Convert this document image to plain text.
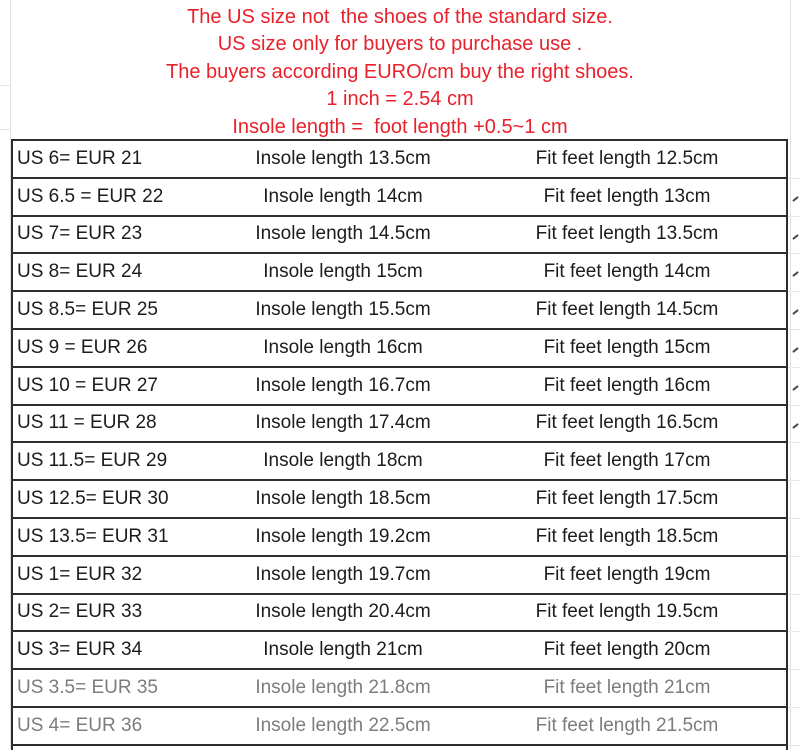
The US size not  the shoes of the standard size.
US size only for buyers to purchase use .
The buyers according EURO/cm buy the right shoes.
1 inch = 2.54 cm
Insole length =  foot length +0.5~1 cm
US 6= EUR 21	Insole length 13.5cm	Fit feet length 12.5cm
US 6.5 = EUR 22	Insole length 14cm	Fit feet length 13cm
US 7= EUR 23	Insole length 14.5cm	Fit feet length 13.5cm
US 8= EUR 24	Insole length 15cm	Fit feet length 14cm
US 8.5= EUR 25	Insole length 15.5cm	Fit feet length 14.5cm
US 9 = EUR 26	Insole length 16cm	Fit feet length 15cm
US 10 = EUR 27	Insole length 16.7cm	Fit feet length 16cm
US 11 = EUR 28	Insole length 17.4cm	Fit feet length 16.5cm
US 11.5= EUR 29	Insole length 18cm	Fit feet length 17cm
US 12.5= EUR 30	Insole length 18.5cm	Fit feet length 17.5cm
US 13.5= EUR 31	Insole length 19.2cm	Fit feet length 18.5cm
US 1= EUR 32	Insole length 19.7cm	Fit feet length 19cm
US 2= EUR 33	Insole length 20.4cm	Fit feet length 19.5cm
US 3= EUR 34	Insole length 21cm	Fit feet length 20cm
US 3.5= EUR 35	Insole length 21.8cm	Fit feet length 21cm
US 4= EUR 36	Insole length 22.5cm	Fit feet length 21.5cm
